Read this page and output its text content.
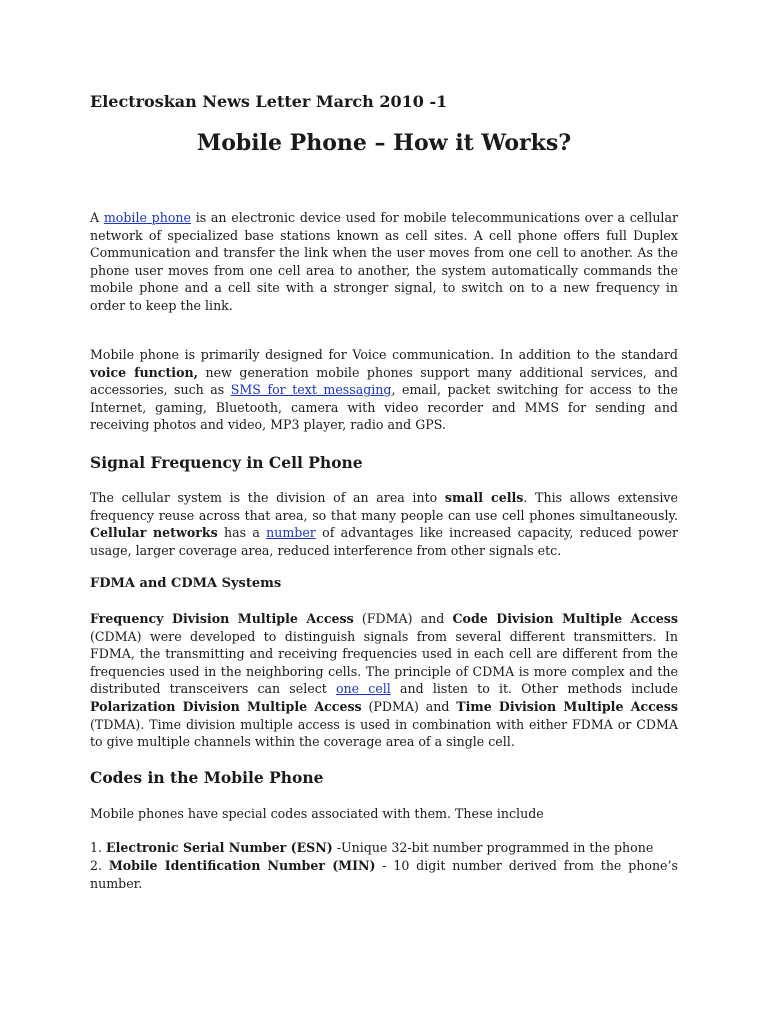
Electroskan News Letter March 2010 -1

Mobile Phone – How it Works?

A mobile phone is an electronic device used for mobile telecommunications over a cellular network of specialized base stations known as cell sites. A cell phone offers full Duplex Communication and transfer the link when the user moves from one cell to another. As the phone user moves from one cell area to another, the system automatically commands the mobile phone and a cell site with a stronger signal, to switch on to a new frequency in order to keep the link.

Mobile phone is primarily designed for Voice communication. In addition to the standard voice function, new generation mobile phones support many additional services, and accessories, such as SMS for text messaging, email, packet switching for access to the Internet, gaming, Bluetooth, camera with video recorder and MMS for sending and receiving photos and video, MP3 player, radio and GPS.

Signal Frequency in Cell Phone

The cellular system is the division of an area into small cells. This allows extensive frequency reuse across that area, so that many people can use cell phones simultaneously. Cellular networks has a number of advantages like increased capacity, reduced power usage, larger coverage area, reduced interference from other signals etc.

FDMA and CDMA Systems

Frequency Division Multiple Access (FDMA) and Code Division Multiple Access (CDMA) were developed to distinguish signals from several different transmitters. In FDMA, the transmitting and receiving frequencies used in each cell are different from the frequencies used in the neighboring cells. The principle of CDMA is more complex and the distributed transceivers can select one cell and listen to it. Other methods include Polarization Division Multiple Access (PDMA) and Time Division Multiple Access (TDMA). Time division multiple access is used in combination with either FDMA or CDMA to give multiple channels within the coverage area of a single cell.

Codes in the Mobile Phone

Mobile phones have special codes associated with them. These include

1. Electronic Serial Number (ESN) -Unique 32-bit number programmed in the phone

2. Mobile Identification Number (MIN) - 10 digit number derived from the phone’s number.
